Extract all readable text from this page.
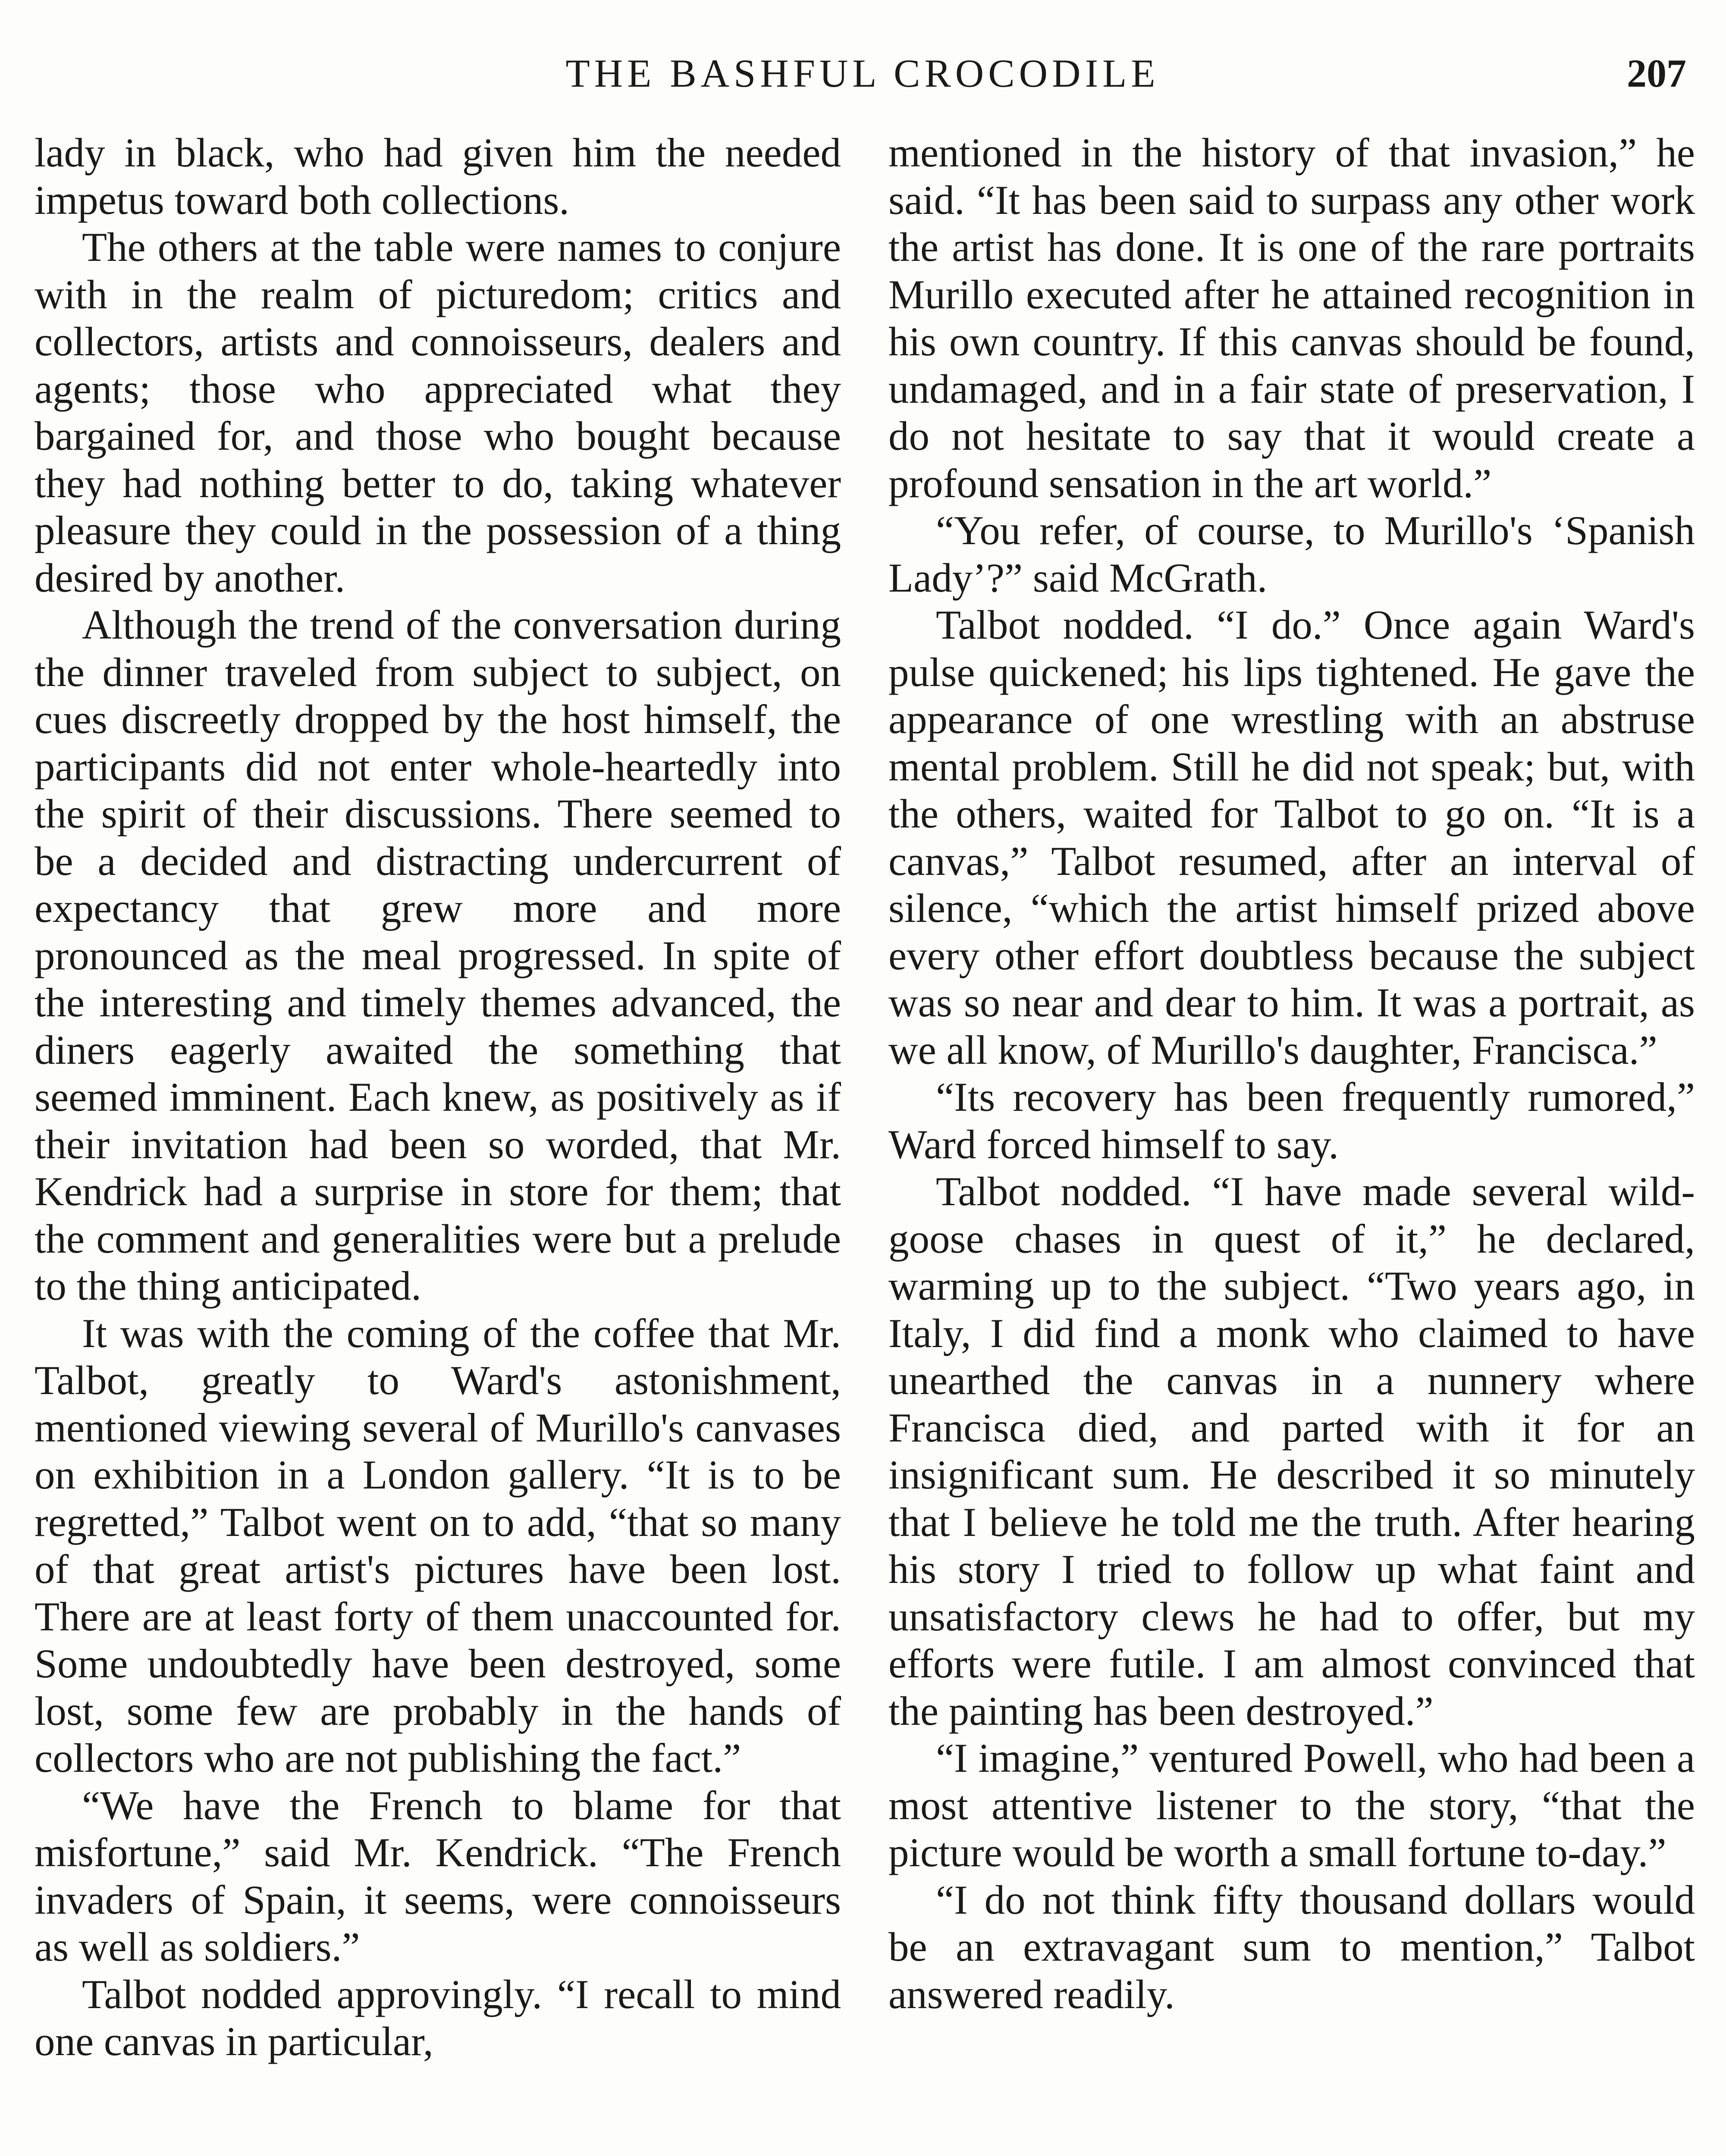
THE BASHFUL CROCODILE	207

lady in black, who had given him the needed impetus toward both collections.

The others at the table were names to conjure with in the realm of picturedom; critics and collectors, artists and connoisseurs, dealers and agents; those who appreciated what they bargained for, and those who bought because they had nothing better to do, taking whatever pleasure they could in the possession of a thing desired by another.

Although the trend of the conversation during the dinner traveled from subject to subject, on cues discreetly dropped by the host himself, the participants did not enter whole-heartedly into the spirit of their discussions. There seemed to be a decided and distracting undercurrent of expectancy that grew more and more pronounced as the meal progressed. In spite of the interesting and timely themes advanced, the diners eagerly awaited the something that seemed imminent. Each knew, as positively as if their invitation had been so worded, that Mr. Kendrick had a surprise in store for them; that the comment and generalities were but a prelude to the thing anticipated.

It was with the coming of the coffee that Mr. Talbot, greatly to Ward's astonishment, mentioned viewing several of Murillo's canvases on exhibition in a London gallery. “It is to be regretted,” Talbot went on to add, “that so many of that great artist's pictures have been lost. There are at least forty of them unaccounted for. Some undoubtedly have been destroyed, some lost, some few are probably in the hands of collectors who are not publishing the fact.”

“We have the French to blame for that misfortune,” said Mr. Kendrick. “The French invaders of Spain, it seems, were connoisseurs as well as soldiers.”

Talbot nodded approvingly. “I recall to mind one canvas in particular,

mentioned in the history of that invasion,” he said. “It has been said to surpass any other work the artist has done. It is one of the rare portraits Murillo executed after he attained recognition in his own country. If this canvas should be found, undamaged, and in a fair state of preservation, I do not hesitate to say that it would create a profound sensation in the art world.”

“You refer, of course, to Murillo's ‘Spanish Lady’?” said McGrath.

Talbot nodded. “I do.” Once again Ward's pulse quickened; his lips tightened. He gave the appearance of one wrestling with an abstruse mental problem. Still he did not speak; but, with the others, waited for Talbot to go on. “It is a canvas,” Talbot resumed, after an interval of silence, “which the artist himself prized above every other effort doubtless because the subject was so near and dear to him. It was a portrait, as we all know, of Murillo's daughter, Francisca.”

“Its recovery has been frequently rumored,” Ward forced himself to say.

Talbot nodded. “I have made several wild-goose chases in quest of it,” he declared, warming up to the subject. “Two years ago, in Italy, I did find a monk who claimed to have unearthed the canvas in a nunnery where Francisca died, and parted with it for an insignificant sum. He described it so minutely that I believe he told me the truth. After hearing his story I tried to follow up what faint and unsatisfactory clews he had to offer, but my efforts were futile. I am almost convinced that the painting has been destroyed.”

“I imagine,” ventured Powell, who had been a most attentive listener to the story, “that the picture would be worth a small fortune to-day.”

“I do not think fifty thousand dollars would be an extravagant sum to mention,” Talbot answered readily.
